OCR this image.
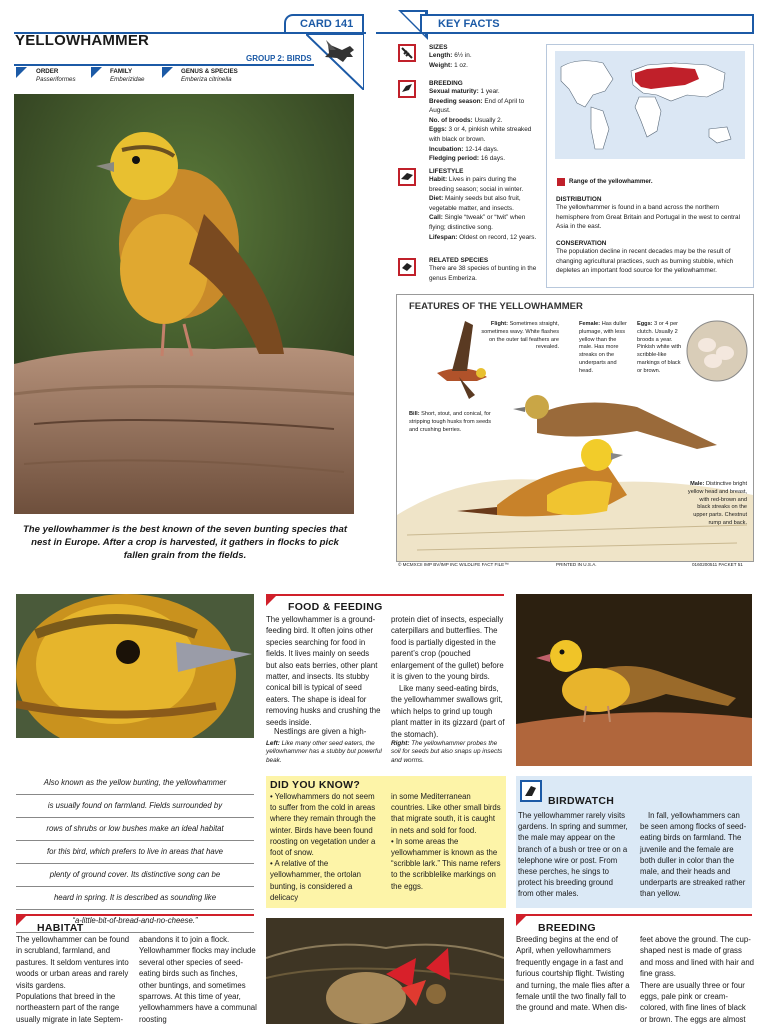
CARD 141
YELLOWHAMMER
GROUP 2: BIRDS
ORDER
Passeriformes
FAMILY
Emberizidae
GENUS & SPECIES
Emberiza citrinella
The yellowhammer is the best known of the seven bunting species that nest in Europe. After a crop is harvested, it gathers in flocks to pick fallen grain from the fields.
KEY FACTS
SIZES
Length: 6½ in.
Weight: 1 oz.
BREEDING
Sexual maturity: 1 year.
Breeding season: End of April to August.
No. of broods: Usually 2.
Eggs: 3 or 4, pinkish white streaked with black or brown.
Incubation: 12-14 days.
Fledging period: 16 days.
LIFESTYLE
Habit: Lives in pairs during the breeding season; social in winter.
Diet: Mainly seeds but also fruit, vegetable matter, and insects.
Call: Single “tweak” or “twit” when flying; distinctive song.
Lifespan: Oldest on record, 12 years.
RELATED SPECIES
There are 38 species of bunting in the genus Emberiza.
Range of the yellowhammer.
DISTRIBUTION
The yellowhammer is found in a band across the northern hemisphere from Great Britain and Portugal in the west to central Asia in the east.
CONSERVATION
The population decline in recent decades may be the result of changing agricultural practices, such as burning stubble, which depletes an important food source for the yellowhammer.
FEATURES OF THE YELLOWHAMMER
Flight: Sometimes straight, sometimes wavy. White flashes on the outer tail feathers are revealed.
Female: Has duller plumage, with less yellow than the male. Has more streaks on the underparts and head.
Eggs: 3 or 4 per clutch. Usually 2 broods a year. Pinkish white with scribble-like markings of black or brown.
Bill: Short, stout, and conical, for stripping tough husks from seeds and crushing berries.
Male: Distinctive bright yellow head and breast, with red-brown and black streaks on the upper parts. Chestnut rump and back.
© MCMXCII IMP BV/IMP INC WILDLIFE FACT FILE™	PRINTED IN U.S.A.	0160200511 PACKET 51
Left: Like many other seed eaters, the yellowhammer has a stubby but powerful beak.
FOOD & FEEDING
The yellowhammer is a ground-feeding bird. It often joins other species searching for food in fields. It lives mainly on seeds but also eats berries, other plant matter, and insects. Its stubby conical bill is typical of seed eaters. The shape is ideal for removing husks and crushing the seeds inside.
Nestlings are given a high-
protein diet of insects, especially caterpillars and butterflies. The food is partially digested in the parent’s crop (pouched enlargement of the gullet) before it is given to the young birds.
Like many seed-eating birds, the yellowhammer swallows grit, which helps to grind up tough plant matter in its gizzard (part of the stomach).
Right: The yellowhammer probes the soil for seeds but also snaps up insects and worms.
Also known as the yellow bunting, the yellowhammer
is usually found on farmland. Fields surrounded by
rows of shrubs or low bushes make an ideal habitat
for this bird, which prefers to live in areas that have
plenty of ground cover. Its distinctive song can be
heard in spring. It is described as sounding like
“a-little-bit-of-bread-and-no-cheese.”
DID YOU KNOW?
• Yellowhammers do not seem to suffer from the cold in areas where they remain through the winter. Birds have been found roosting on vegetation under a foot of snow.
• A relative of the yellowhammer, the ortolan bunting, is considered a delicacy
in some Mediterranean countries. Like other small birds that migrate south, it is caught in nets and sold for food.
• In some areas the yellowhammer is known as the “scribble lark.” This name refers to the scribblelike markings on the eggs.
BIRDWATCH
The yellowhammer rarely visits gardens. In spring and summer, the male may appear on the branch of a bush or tree or on a telephone wire or post. From these perches, he sings to protect his breeding ground from other males.
In fall, yellowhammers can be seen among flocks of seed-eating birds on farmland. The juvenile and the female are both duller in color than the male, and their heads and underparts are streaked rather than yellow.
HABITAT
The yellowhammer can be found in scrubland, farmland, and pastures. It seldom ventures into woods or urban areas and rarely visits gardens.
Populations that breed in the northeastern part of the range usually migrate in late Septem-
abandons it to join a flock.
Yellowhammer flocks may include several other species of seed-eating birds such as finches, other buntings, and sometimes sparrows. At this time of year, yellowhammers have a communal roosting
BREEDING
Breeding begins at the end of April, when yellowhammers frequently engage in a fast and furious courtship flight. Twisting and turning, the male flies after a female until the two finally fall to the ground and mate. When dis-
feet above the ground. The cup-shaped nest is made of grass and moss and lined with hair and fine grass.
There are usually three or four eggs, pale pink or cream-colored, with fine lines of black or brown. The eggs are almost
